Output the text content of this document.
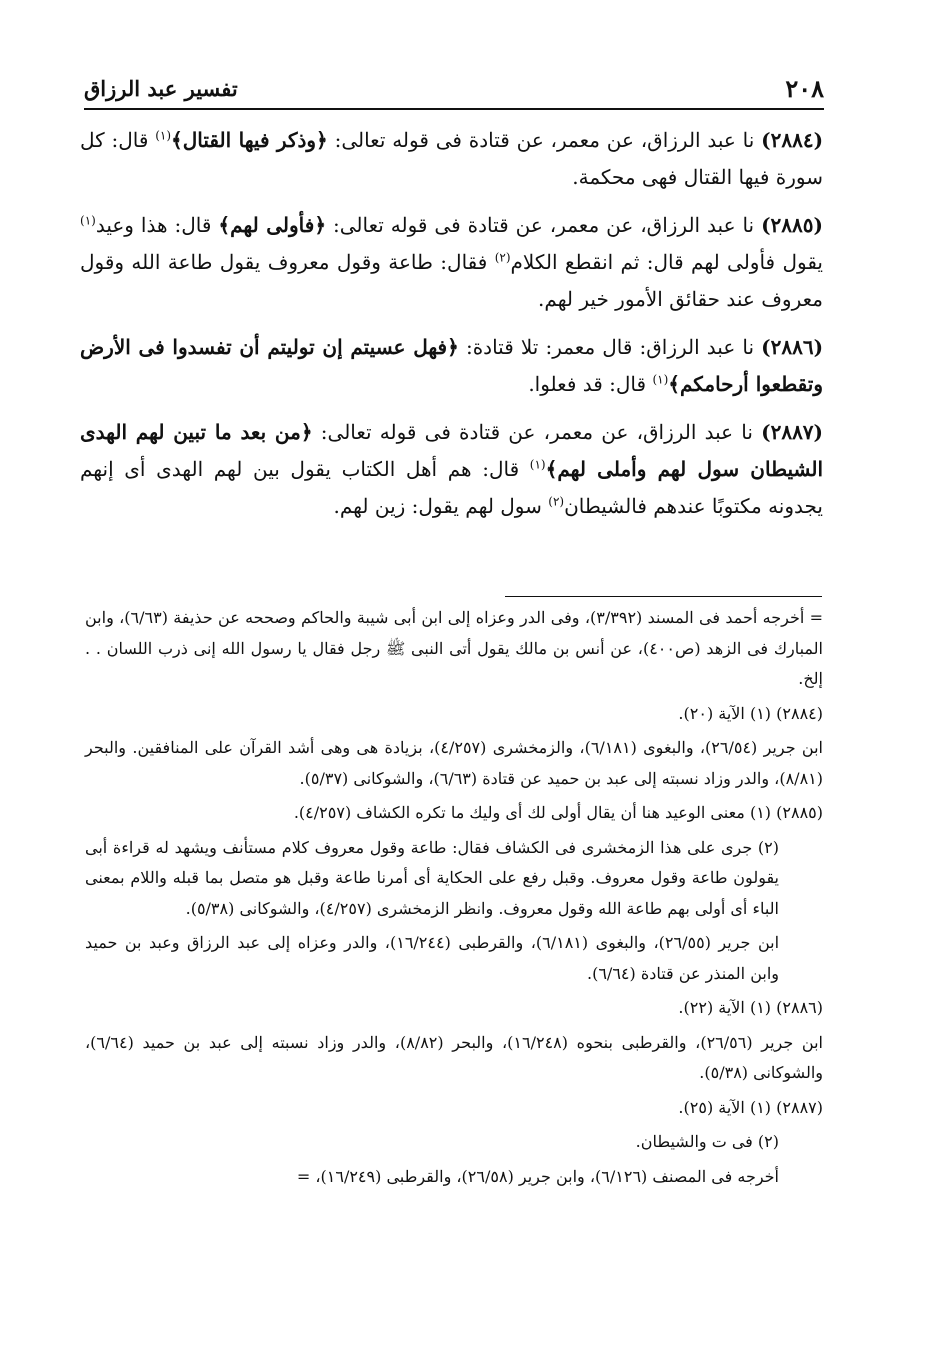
٢٠٨
تفسير عبد الرزاق

(٢٨٨٤) نا عبد الرزاق، عن معمر، عن قتادة فى قوله تعالى: ﴿وذكر فيها القتال﴾$^{(١)}$ قال: كل سورة فيها القتال فهى محكمة.

(٢٨٨٥) نا عبد الرزاق، عن معمر، عن قتادة فى قوله تعالى: ﴿فأولى لهم﴾ قال: هذا وعيد$^{(١)}$ يقول فأولى لهم قال: ثم انقطع الكلام$^{(٢)}$ فقال: طاعة وقول معروف يقول طاعة الله وقول معروف عند حقائق الأمور خير لهم.

(٢٨٨٦) نا عبد الرزاق: قال معمر: تلا قتادة: ﴿فهل عسيتم إن توليتم أن تفسدوا فى الأرض وتقطعوا أرحامكم﴾$^{(١)}$ قال: قد فعلوا.

(٢٨٨٧) نا عبد الرزاق، عن معمر، عن قتادة فى قوله تعالى: ﴿من بعد ما تبين لهم الهدى الشيطان سول لهم وأملى لهم﴾$^{(١)}$ قال: هم أهل الكتاب يقول بين لهم الهدى أى إنهم يجدونه مكتوبًا عندهم فالشيطان$^{(٢)}$ سول لهم يقول: زين لهم.

= أخرجه أحمد فى المسند (٣/٣٩٢)، وفى الدر وعزاه إلى ابن أبى شيبة والحاكم وصححه عن حذيفة (٦/٦٣)، وابن المبارك فى الزهد (ص٤٠٠)، عن أنس بن مالك يقول أتى النبى ﷺ رجل فقال يا رسول الله إنى ذرب اللسان . . إلخ.

(٢٨٨٤) (١) الآية (٢٠).

ابن جرير (٢٦/٥٤)، والبغوى (٦/١٨١)، والزمخشرى (٤/٢٥٧)، بزيادة هى وهى أشد القرآن على المنافقين. والبحر (٨/٨١)، والدر وزاد نسبته إلى عبد بن حميد عن قتادة (٦/٦٣)، والشوكانى (٥/٣٧).

(٢٨٨٥) (١) معنى الوعيد هنا أن يقال أولى لك أى وليك ما تكره الكشاف (٤/٢٥٧).

(٢) جرى على هذا الزمخشرى فى الكشاف فقال: طاعة وقول معروف كلام مستأنف ويشهد له قراءة أبى يقولون طاعة وقول معروف. وقبل رفع على الحكاية أى أمرنا طاعة وقبل هو متصل بما قبله واللام بمعنى الباء أى أولى بهم طاعة الله وقول معروف. وانظر الزمخشرى (٤/٢٥٧)، والشوكانى (٥/٣٨).

ابن جرير (٢٦/٥٥)، والبغوى (٦/١٨١)، والقرطبى (١٦/٢٤٤)، والدر وعزاه إلى عبد الرزاق وعبد بن حميد وابن المنذر عن قتادة (٦/٦٤).

(٢٨٨٦) (١) الآية (٢٢).

ابن جرير (٢٦/٥٦)، والقرطبى بنحوه (١٦/٢٤٨)، والبحر (٨/٨٢)، والدر وزاد نسبته إلى عبد بن حميد (٦/٦٤)، والشوكانى (٥/٣٨).

(٢٨٨٧) (١) الآية (٢٥).

(٢) فى ت والشيطان.

أخرجه فى المصنف (٦/١٢٦)، وابن جرير (٢٦/٥٨)، والقرطبى (١٦/٢٤٩)، =
